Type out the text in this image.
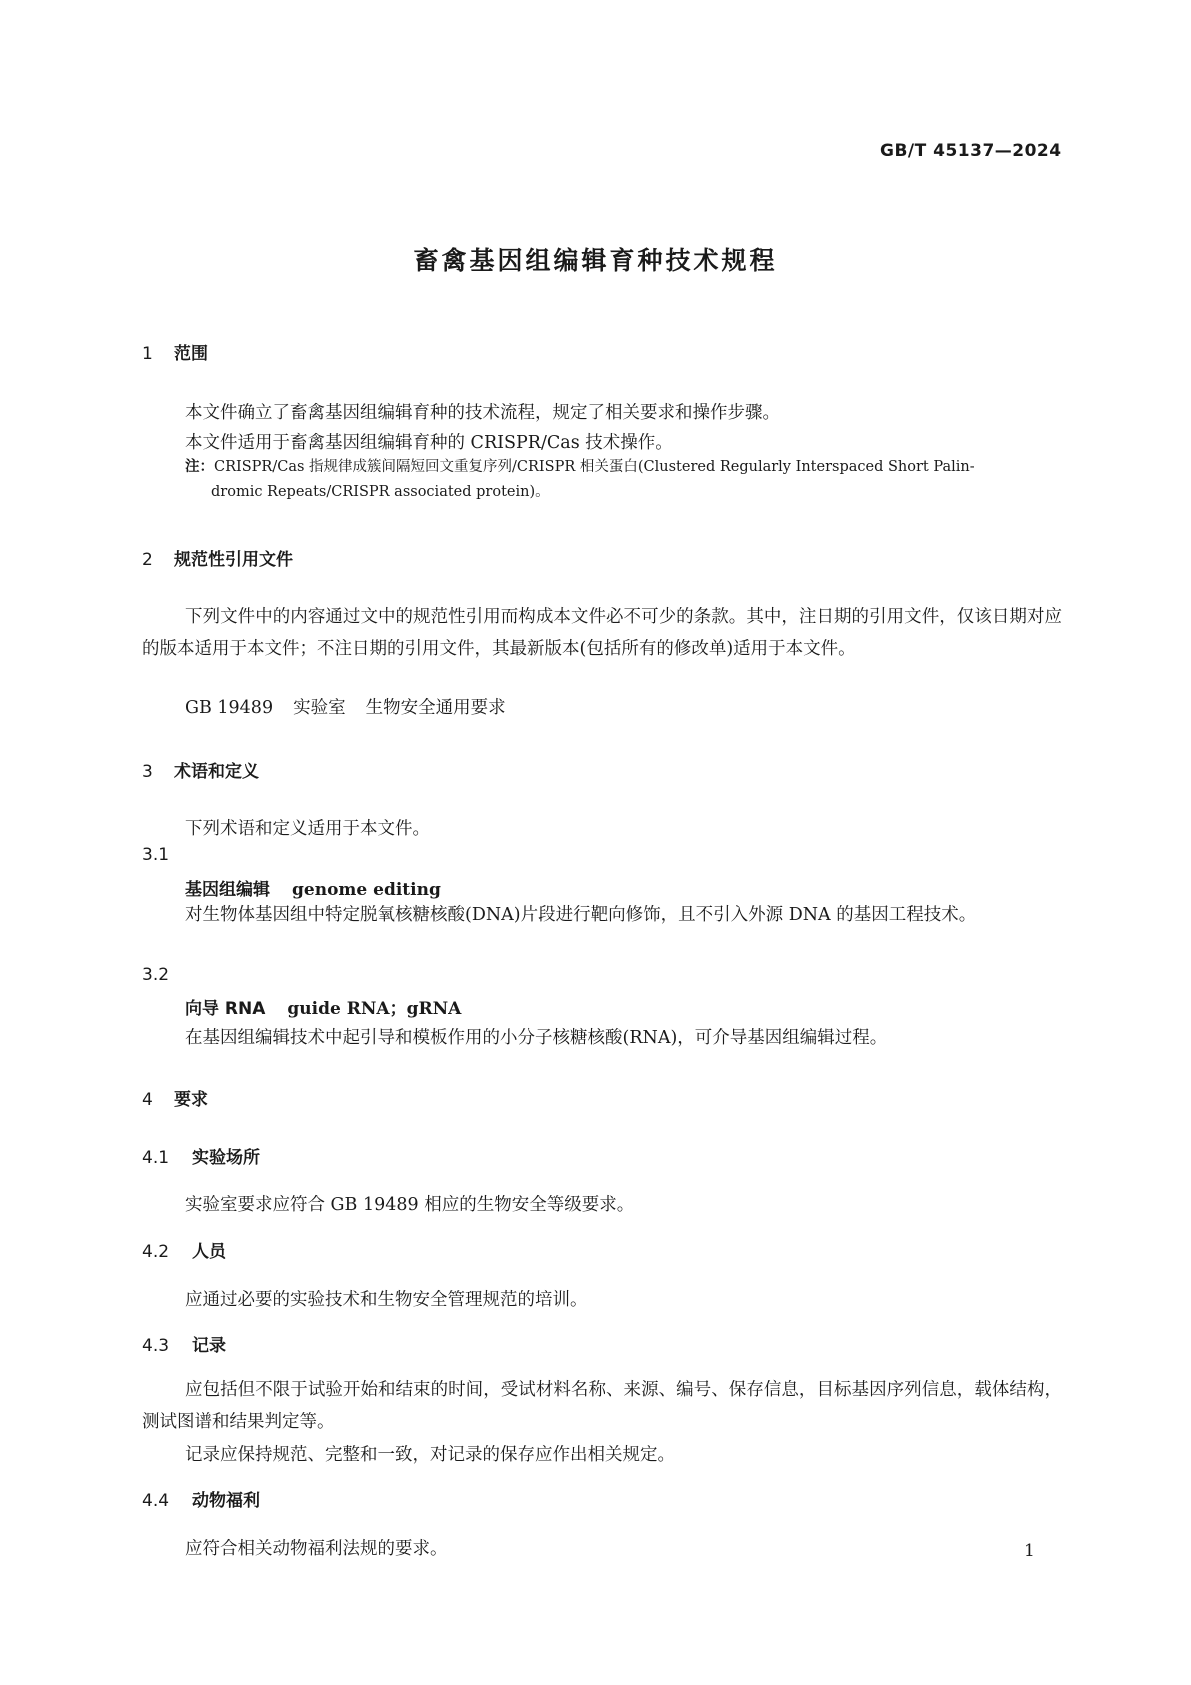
GB/T 45137—2024
畜禽基因组编辑育种技术规程
1 范围
本文件确立了畜禽基因组编辑育种的技术流程，规定了相关要求和操作步骤。
本文件适用于畜禽基因组编辑育种的 CRISPR/Cas 技术操作。
注：CRISPR/Cas 指规律成簇间隔短回文重复序列/CRISPR 相关蛋白(Clustered Regularly Interspaced Short Palin-
dromic Repeats/CRISPR associated protein)。
2 规范性引用文件
下列文件中的内容通过文中的规范性引用而构成本文件必不可少的条款。其中，注日期的引用文件，仅该日期对应的版本适用于本文件；不注日期的引用文件，其最新版本(包括所有的修改单)适用于本文件。
GB 19489 实验室 生物安全通用要求
3 术语和定义
下列术语和定义适用于本文件。
3.1
基因组编辑 genome editing
对生物体基因组中特定脱氧核糖核酸(DNA)片段进行靶向修饰，且不引入外源 DNA 的基因工程技术。
3.2
向导 RNA guide RNA；gRNA
在基因组编辑技术中起引导和模板作用的小分子核糖核酸(RNA)，可介导基因组编辑过程。
4 要求
4.1 实验场所
实验室要求应符合 GB 19489 相应的生物安全等级要求。
4.2 人员
应通过必要的实验技术和生物安全管理规范的培训。
4.3 记录
应包括但不限于试验开始和结束的时间，受试材料名称、来源、编号、保存信息，目标基因序列信息，载体结构，测试图谱和结果判定等。
记录应保持规范、完整和一致，对记录的保存应作出相关规定。
4.4 动物福利
应符合相关动物福利法规的要求。	1
